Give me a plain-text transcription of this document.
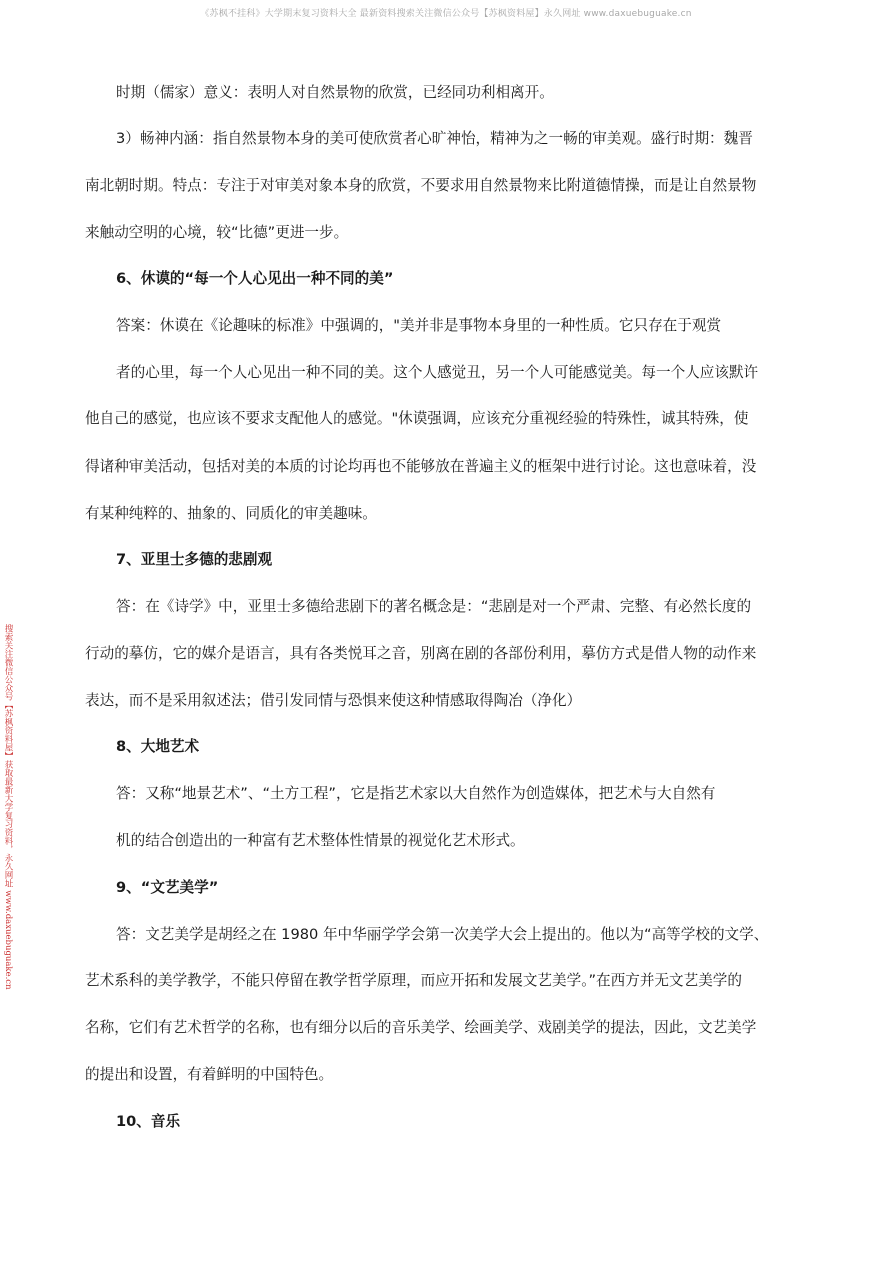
《苏枫不挂科》大学期末复习资料大全 最新资料搜索关注微信公众号【苏枫资料屋】永久网址 www.daxuebuguake.cn
搜索关注微信公众号【苏枫资料屋】获取最新大学复习资料，永久网址 www.daxuebuguake.cn
时期（儒家）意义：表明人对自然景物的欣赏，已经同功利相离开。
3）畅神内涵：指自然景物本身的美可使欣赏者心旷神怡，精神为之一畅的审美观。盛行时期：魏晋
南北朝时期。特点：专注于对审美对象本身的欣赏，不要求用自然景物来比附道德情操，而是让自然景物
来触动空明的心境，较“比德”更进一步。
6、休谟的“每一个人心见出一种不同的美”
答案：休谟在《论趣味的标准》中强调的，"美并非是事物本身里的一种性质。它只存在于观赏
者的心里，每一个人心见出一种不同的美。这个人感觉丑，另一个人可能感觉美。每一个人应该默许
他自己的感觉，也应该不要求支配他人的感觉。"休谟强调，应该充分重视经验的特殊性，诚其特殊，使
得诸种审美活动，包括对美的本质的讨论均再也不能够放在普遍主义的框架中进行讨论。这也意味着，没
有某种纯粹的、抽象的、同质化的审美趣味。
7、亚里士多德的悲剧观
答：在《诗学》中，亚里士多德给悲剧下的著名概念是：“悲剧是对一个严肃、完整、有必然长度的
行动的摹仿，它的媒介是语言，具有各类悦耳之音，别离在剧的各部份利用，摹仿方式是借人物的动作来
表达，而不是采用叙述法；借引发同情与恐惧来使这种情感取得陶冶（净化）
8、大地艺术
答：又称“地景艺术”、“土方工程”，它是指艺术家以大自然作为创造媒体，把艺术与大自然有
机的结合创造出的一种富有艺术整体性情景的视觉化艺术形式。
9、“文艺美学”
答：文艺美学是胡经之在 1980 年中华丽学学会第一次美学大会上提出的。他以为“高等学校的文学、
艺术系科的美学教学，不能只停留在教学哲学原理，而应开拓和发展文艺美学。”在西方并无文艺美学的
名称，它们有艺术哲学的名称，也有细分以后的音乐美学、绘画美学、戏剧美学的提法，因此，文艺美学
的提出和设置，有着鲜明的中国特色。
10、音乐
